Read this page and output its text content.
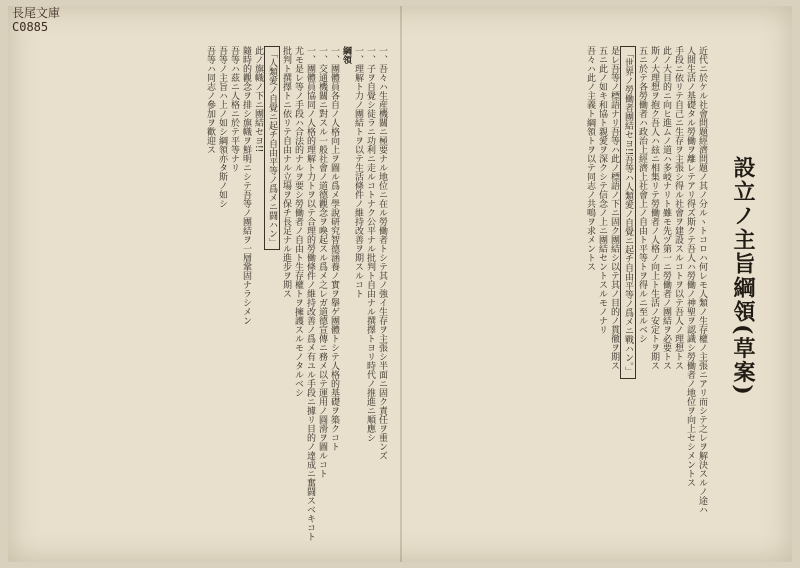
長尾文庫
C0885
設立ノ主旨綱領(草案)

近代ニ於ケル社會問題經濟問題ノ其ノ分ルヽトコロハ何レモ人類ノ生存權ノ主張ニアリ而シテ之レヲ解決スルノ途ハ

人間生活ノ基礎タル勞働ヲ離レテアリ得ズ斯クテ吾人ハ勞働ノ神聖ヲ認識シ勞働者ノ地位ヲ向上セシメントス

手段ニ依リテ自己ニ生存ヲ主張シ得ル社會ヲ建設スルコトヲ以テ吾人ノ理想トス

此ノ大目的ニ向ヒ進ムノ道ハ多岐ナリト雖モ先ヅ第一ニ勞働者ノ團結ヲ必要トス

斯ノ大理想ヲ抱ク吾人ハ玆ニ相集リテ勞働者ノ人格ノ向上ト生活ノ安定トヲ期ス

五ニ於テ各勞働者ハ政治上經濟上社會上ノ自由ト平等トヲ得ルニ至ルベシ

「世界ノ勞働者團結セヨ!!吾等ハ人類愛ノ自覺ニ起チ自由平等ノ爲メニ戰ハン。」

是レ吾等ノ標語ナリ吾等ハ此ノ標語ノ下ニ固ク團結シ以テ其ノ目的ノ貫徹ヲ期ス

五ニ此ノ如キ和協ト親愛ヲ深クシテ信念ノ上ニ團結セントスルモノナリ

吾々ハ此ノ主義ト綱領トヲ以テ同志ノ共鳴ヲ求メントス

一、吾々ハ生産機關ニ極要ナル地位ニ在ル勞働者トシテ其ノ強イ生存ヲ主張シ半面ニ固ク責任ヲ重ンズ

一、子ヲ自覺シ徒ラニ功利ニ走ルコトナク公平ナル批判ト自由ナル撰擇トヨリ時代ノ推進ニ順應シ

一、理解ト力ノ團結トヲ以テ生活條件ノ維持改善ヲ期スルコト

綱領

一、團體員各自ノ人格向上ヲ圖ル爲メ學說研究智德涵養ノ實ヲ擧ゲ團體トシテ人格的基礎ヲ築クコト

一、交通機關ニ對スル一般社會ノ道德觀念ヲ喚起スル爲メ之レガ道德宣傳ニ務メ以テ運用ノ圓滑ヲ圖ルコト

一、團體員協同ノ人格的理解ト力トヲ以テ合理的勞働條件ノ維持改善ノ爲メ有ユル手段ニ據リ目的ノ達成ニ奮闘スベキコト

尤モ是レ等ノ手段ハ合法的ナルヲ要シ勞働者ノ自由ト生存權トヲ擁護スルモノタルベシ

批判ト撰擇トニ依リテ自由ナル立場ヲ保チ長足ナル進步ヲ期ス

「人類愛ノ自覺ニ起チ自由平等ノ爲メニ闘ハン」

此ノ旗幟ノ下ニ團結セヨ!!

隨時的觀念ヲ排シ旗幟ヲ鮮明ニシテ吾等ノ團結ヲ一層鞏固ナラシメン

吾等ハ茲ニ人格ニ於テ平等ナリ

吾等ノ主旨ハ上ノ如シ綱領亦タ斯ノ如シ

吾等ハ同志ノ參加ヲ歡迎ス
